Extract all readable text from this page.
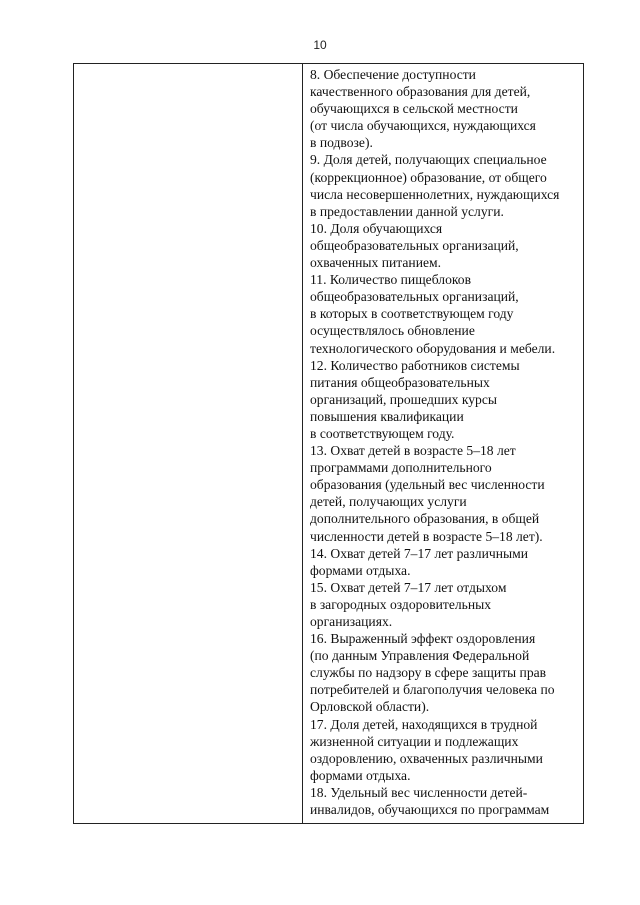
10
8. Обеспечение доступности
качественного образования для детей,
обучающихся в сельской местности
(от числа обучающихся, нуждающихся
в подвозе).
9. Доля детей, получающих специальное
(коррекционное) образование, от общего
числа несовершеннолетних, нуждающихся
в предоставлении данной услуги.
10. Доля обучающихся
общеобразовательных организаций,
охваченных питанием.
11. Количество пищеблоков
общеобразовательных организаций,
в которых в соответствующем году
осуществлялось обновление
технологического оборудования и мебели.
12. Количество работников системы
питания общеобразовательных
организаций, прошедших курсы
повышения квалификации
в соответствующем году.
13. Охват детей в возрасте 5–18 лет
программами дополнительного
образования (удельный вес численности
детей, получающих услуги
дополнительного образования, в общей
численности детей в возрасте 5–18 лет).
14. Охват детей 7–17 лет различными
формами отдыха.
15. Охват детей 7–17 лет отдыхом
в загородных оздоровительных
организациях.
16. Выраженный эффект оздоровления
(по данным Управления Федеральной
службы по надзору в сфере защиты прав
потребителей и благополучия человека по
Орловской области).
17. Доля детей, находящихся в трудной
жизненной ситуации и подлежащих
оздоровлению, охваченных различными
формами отдыха.
18. Удельный вес численности детей-
инвалидов, обучающихся по программам
